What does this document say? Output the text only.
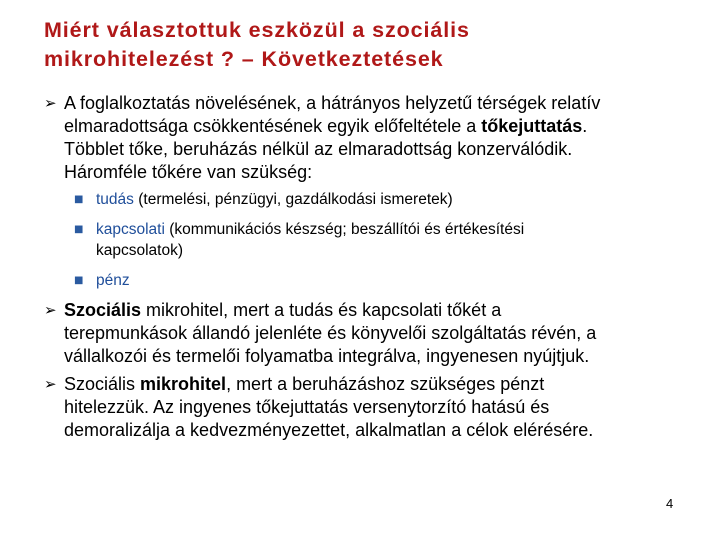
Miért választottuk eszközül a szociális
mikrohitelezést ? – Következtetések
➢ A foglalkoztatás növelésének, a hátrányos helyzetű térségek relatív
elmaradottsága csökkentésének egyik előfeltétele a tőkejuttatás.
Többlet tőke, beruházás nélkül az elmaradottság konzerválódik.
Háromféle tőkére van szükség:
■ tudás (termelési, pénzügyi, gazdálkodási ismeretek)
■ kapcsolati (kommunikációs készség; beszállítói és értékesítési
kapcsolatok)
■ pénz
➢ Szociális mikrohitel, mert a tudás és kapcsolati tőkét a
terepmunkások állandó jelenléte és könyvelői szolgáltatás révén, a
vállalkozói és termelői folyamatba integrálva, ingyenesen nyújtjuk.
➢ Szociális mikrohitel, mert a beruházáshoz szükséges pénzt
hitelezzük. Az ingyenes tőkejuttatás versenytorzító hatású és
demoralizálja a kedvezményezettet, alkalmatlan a célok elérésére.
4
